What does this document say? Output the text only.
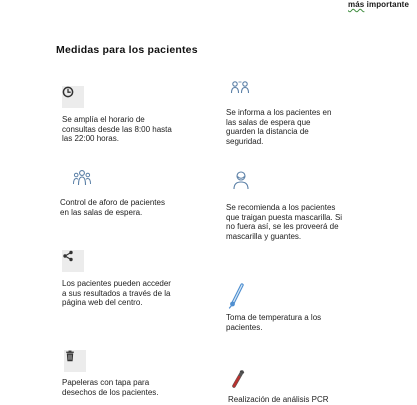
más importante
Medidas para los pacientes

Se amplía el horario de consultas desde las 8:00 hasta las 22:00 horas.

Se informa a los pacientes en las salas de espera que guarden la distancia de seguridad.

Control de aforo de pacientes en las salas de espera.	Se recomienda a los pacientes que traigan puesta mascarilla. Si no fuera así, se les proveerá de mascarilla y guantes.

Los pacientes pueden acceder a sus resultados a través de la página web del centro.

Toma de temperatura a los pacientes.

Papeleras con tapa para desechos de los pacientes.

Realización de análisis PCR
